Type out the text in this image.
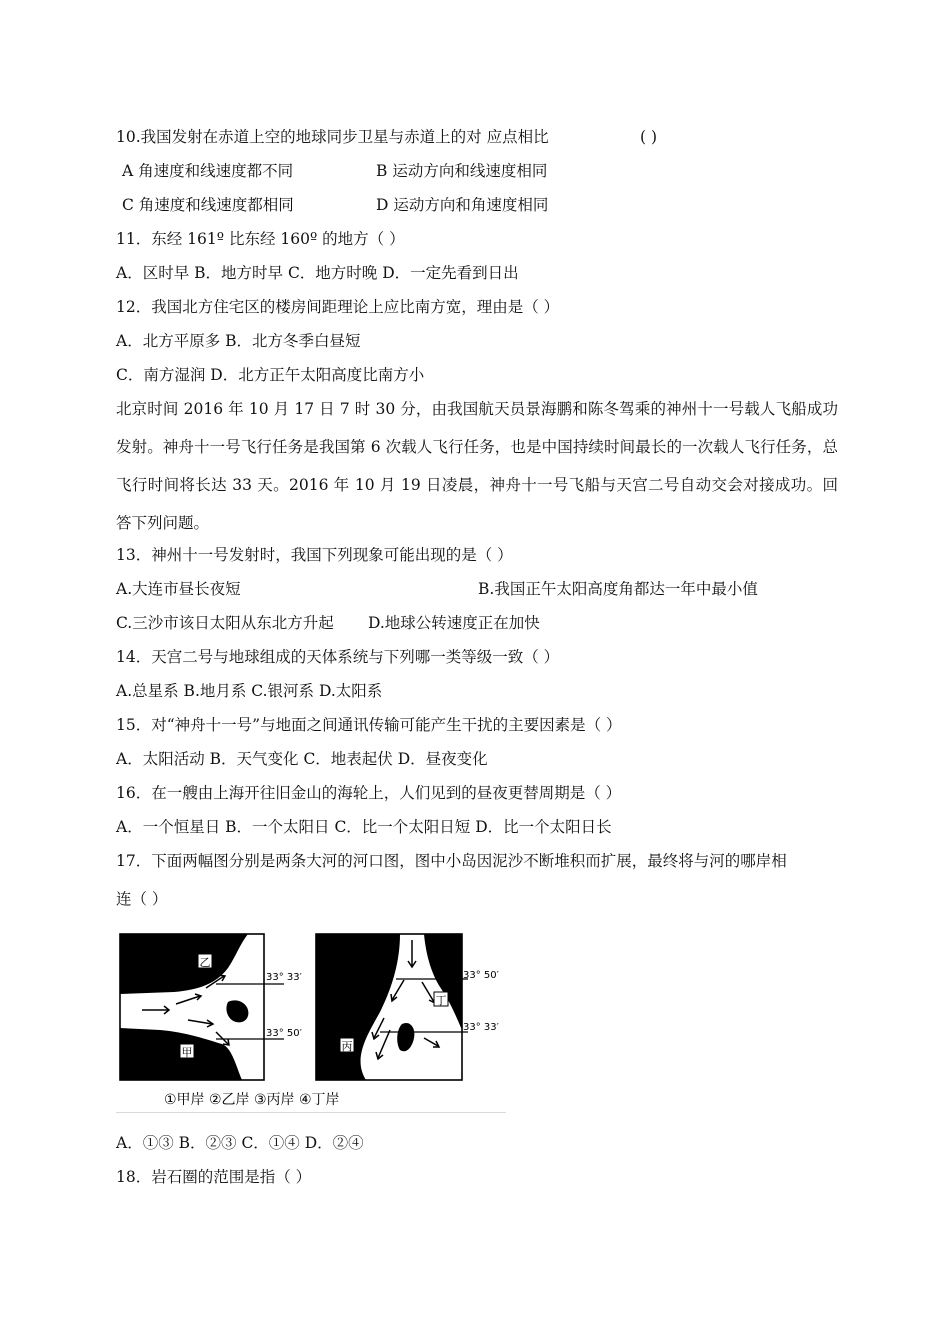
10.我国发射在赤道上空的地球同步卫星与赤道上的对 应点相比	( )
A 角速度和线速度都不同	B 运动方向和线速度相同
C 角速度和线速度都相同	D 运动方向和角速度相同
11．东经 161º 比东经 160º 的地方（ ）
A．区时早 B．地方时早 C．地方时晚 D．一定先看到日出
12．我国北方住宅区的楼房间距理论上应比南方宽，理由是（ ）
A．北方平原多 B．北方冬季白昼短
C．南方湿润 D．北方正午太阳高度比南方小
北京时间 2016 年 10 月 17 日 7 时 30 分，由我国航天员景海鹏和陈冬驾乘的神州十一号载人飞船成功发射。神舟十一号飞行任务是我国第 6 次载人飞行任务，也是中国持续时间最长的一次载人飞行任务，总飞行时间将长达 33 天。2016 年 10 月 19 日凌晨，神舟十一号飞船与天宫二号自动交会对接成功。回答下列问题。
13．神州十一号发射时，我国下列现象可能出现的是（ ）
A.大连市昼长夜短	B.我国正午太阳高度角都达一年中最小值
C.三沙市该日太阳从东北方升起 D.地球公转速度正在加快
14．天宫二号与地球组成的天体系统与下列哪一类等级一致（ ）
A.总星系 B.地月系 C.银河系 D.太阳系
15．对“神舟十一号”与地面之间通讯传输可能产生干扰的主要因素是（ ）
A．太阳活动 B．天气变化 C．地表起伏 D．昼夜变化
16．在一艘由上海开往旧金山的海轮上，人们见到的昼夜更替周期是（ ）
A．一个恒星日 B．一个太阳日 C．比一个太阳日短 D．比一个太阳日长
17．下面两幅图分别是两条大河的河口图，图中小岛因泥沙不断堆积而扩展，最终将与河的哪岸相
连（ ）
乙
甲
33° 33′
33° 50′
丙
丁
33° 50′
33° 33′
①甲岸 ②乙岸 ③丙岸 ④丁岸
A．①③ B．②③ C．①④ D．②④
18．岩石圈的范围是指（ ）
